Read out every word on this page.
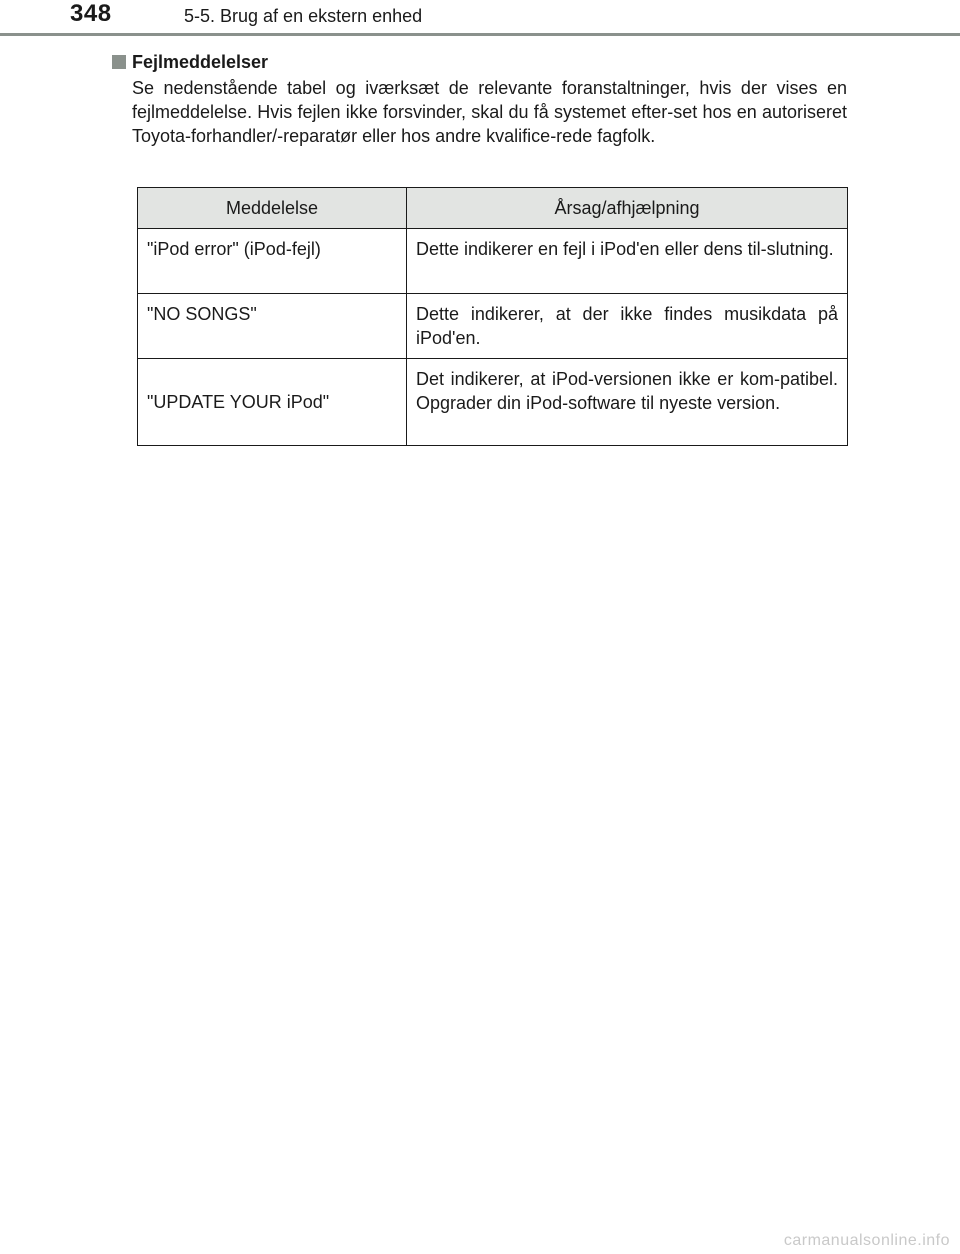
348	5-5. Brug af en ekstern enhed
Fejlmeddelelser
Se nedenstående tabel og iværksæt de relevante foranstaltninger, hvis der vises en fejlmeddelelse. Hvis fejlen ikke forsvinder, skal du få systemet efter-set hos en autoriseret Toyota-forhandler/-reparatør eller hos andre kvalifice-rede fagfolk.
Meddelelse	Årsag/afhjælpning
"iPod error" (iPod-fejl)	Dette indikerer en fejl i iPod'en eller dens til-slutning.
"NO SONGS"	Dette indikerer, at der ikke findes musikdata på iPod'en.
"UPDATE YOUR iPod"	Det indikerer, at iPod-versionen ikke er kom-patibel. Opgrader din iPod-software til nyeste version.
carmanualsonline.info
